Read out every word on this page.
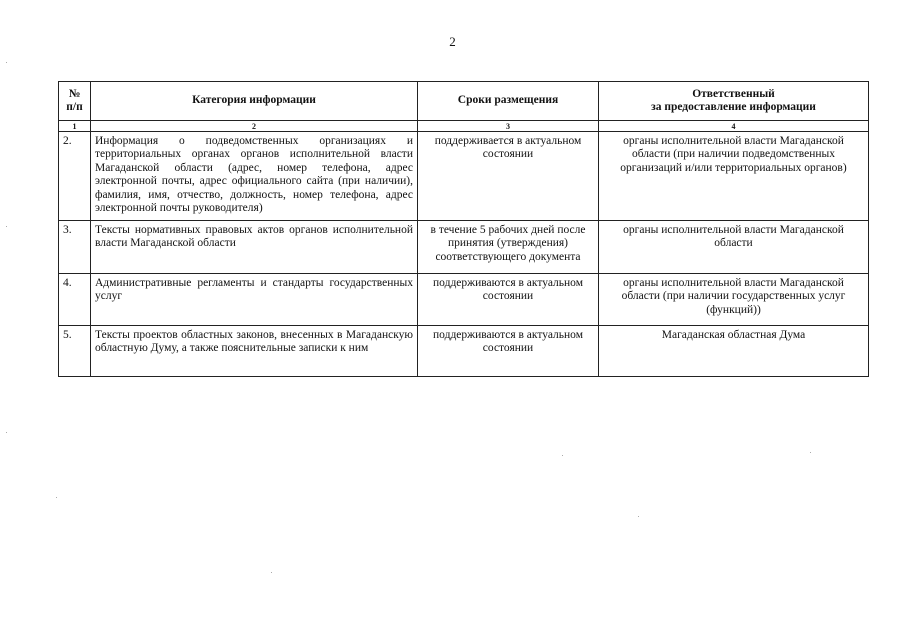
2
№ п/п	Категория информации	Сроки размещения	Ответственный
за предоставление информации

1	2	3	4
2.	Информация о подведомственных организациях и территориальных органах органов исполнительной власти Магаданской области (адрес, номер телефона, адрес электронной почты, адрес официального сайта (при наличии), фамилия, имя, отчество, должность, номер телефона, адрес электронной почты руководителя)	поддерживается в актуальном состоянии	органы исполнительной власти Магаданской области (при наличии подведомственных организаций и/или территориальных органов)
3.	Тексты нормативных правовых актов органов исполнительной власти Магаданской области	в течение 5 рабочих дней после принятия (утверждения) соответствующего документа	органы исполнительной власти Магаданской области
4.	Административные регламенты и стандарты государственных услуг	поддерживаются в актуальном состоянии	органы исполнительной власти Магаданской области (при наличии государственных услуг (функций))
5.	Тексты проектов областных законов, внесенных в Магаданскую областную Думу, а также пояснительные записки к ним	поддерживаются в актуальном состоянии	Магаданская областная Дума
